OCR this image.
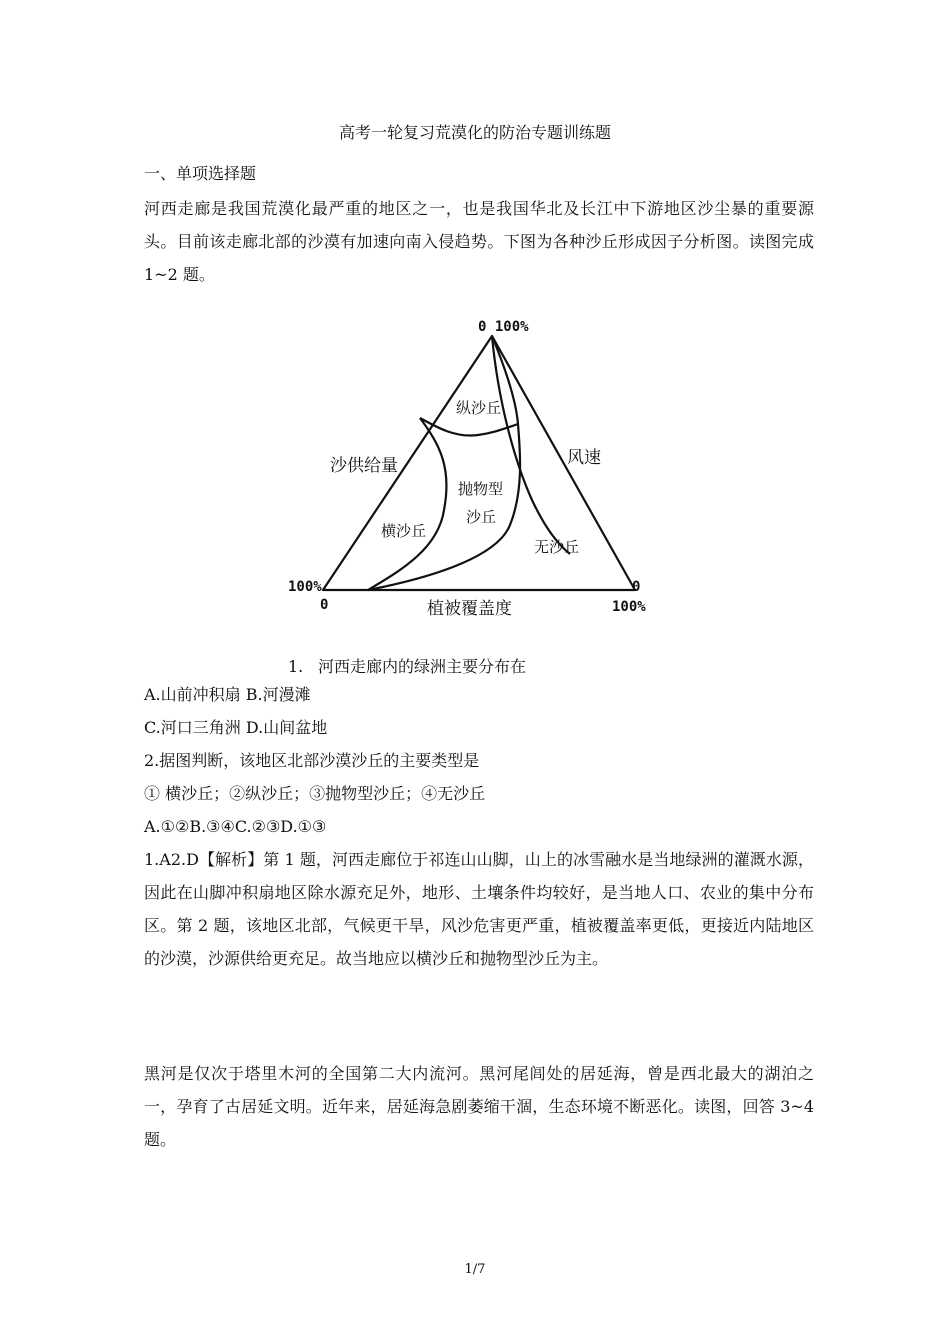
高考一轮复习荒漠化的防治专题训练题
一、单项选择题
河西走廊是我国荒漠化最严重的地区之一，也是我国华北及长江中下游地区沙尘暴的重要源头。目前该走廊北部的沙漠有加速向南入侵趋势。下图为各种沙丘形成因子分析图。读图完成 1~2 题。
0 100%
100%
0
0
100%
沙供给量	风速
植被覆盖度
纵沙丘
抛物型
沙丘
横沙丘
无沙丘
1. 河西走廊内的绿洲主要分布在
A.山前冲积扇 B.河漫滩
C.河口三角洲 D.山间盆地
2.据图判断，该地区北部沙漠沙丘的主要类型是
① 横沙丘；②纵沙丘；③抛物型沙丘；④无沙丘
A.①②B.③④C.②③D.①③
1.A2.D【解析】第 1 题，河西走廊位于祁连山山脚，山上的冰雪融水是当地绿洲的灌溉水源，因此在山脚冲积扇地区除水源充足外，地形、土壤条件均较好，是当地人口、农业的集中分布区。第 2 题，该地区北部，气候更干旱，风沙危害更严重，植被覆盖率更低，更接近内陆地区的沙漠，沙源供给更充足。故当地应以横沙丘和抛物型沙丘为主。
黑河是仅次于塔里木河的全国第二大内流河。黑河尾闾处的居延海，曾是西北最大的湖泊之一，孕育了古居延文明。近年来，居延海急剧萎缩干涸，生态环境不断恶化。读图，回答 3~4 题。
1/7
